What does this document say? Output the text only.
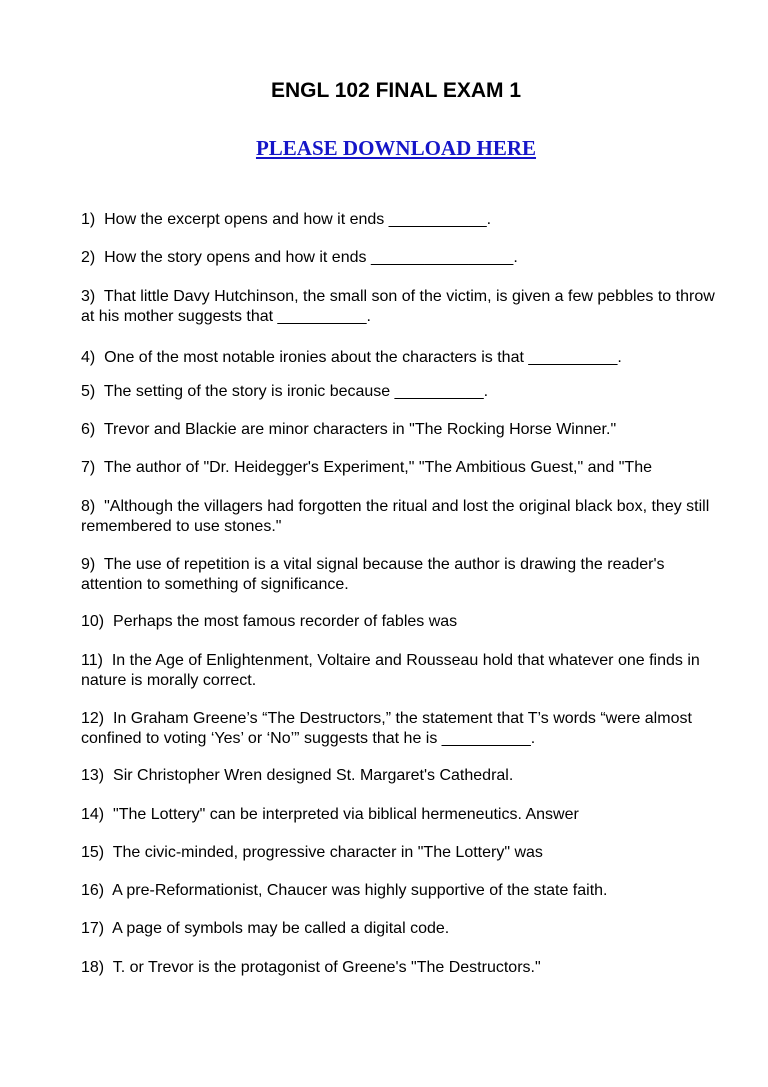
ENGL 102 FINAL EXAM 1
PLEASE DOWNLOAD HERE
1)  How the excerpt opens and how it ends ___________.
2)  How the story opens and how it ends ________________.
3)  That little Davy Hutchinson, the small son of the victim, is given a few pebbles to throw at his mother suggests that __________.
4)  One of the most notable ironies about the characters is that __________.
5)  The setting of the story is ironic because __________.
6)  Trevor and Blackie are minor characters in "The Rocking Horse Winner."
7)  The author of "Dr. Heidegger's Experiment," "The Ambitious Guest," and "The
8)  "Although the villagers had forgotten the ritual and lost the original black box, they still remembered to use stones."
9)  The use of repetition is a vital signal because the author is drawing the reader's attention to something of significance.
10)  Perhaps the most famous recorder of fables was
11)  In the Age of Enlightenment, Voltaire and Rousseau hold that whatever one finds in nature is morally correct.
12)  In Graham Greene’s “The Destructors,” the statement that T’s words “were almost confined to voting ‘Yes’ or ‘No’” suggests that he is __________.
13)  Sir Christopher Wren designed St. Margaret's Cathedral.
14)  "The Lottery" can be interpreted via biblical hermeneutics. Answer
15)  The civic-minded, progressive character in "The Lottery" was
16)  A pre-Reformationist, Chaucer was highly supportive of the state faith.
17)  A page of symbols may be called a digital code.
18)  T. or Trevor is the protagonist of Greene's "The Destructors."
